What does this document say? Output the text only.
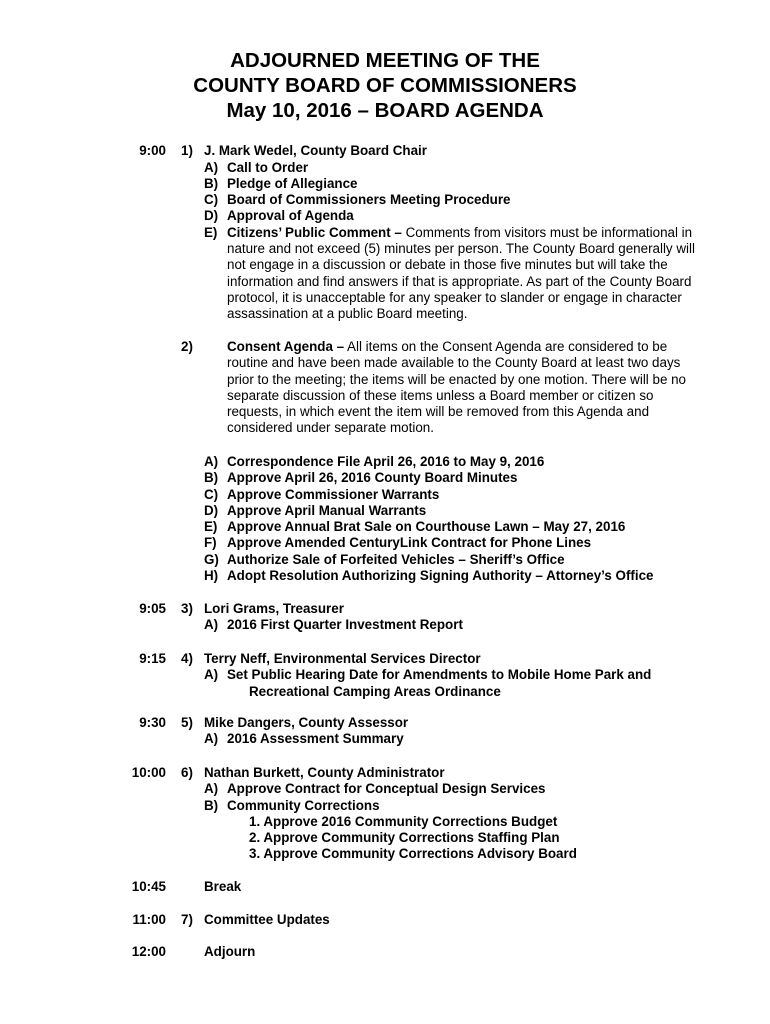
ADJOURNED MEETING OF THE
COUNTY BOARD OF COMMISSIONERS
May 10, 2016 – BOARD AGENDA
9:00 1) J. Mark Wedel, County Board Chair
A) Call to Order
B) Pledge of Allegiance
C) Board of Commissioners Meeting Procedure
D) Approval of Agenda
E) Citizens’ Public Comment – Comments from visitors must be informational in
nature and not exceed (5) minutes per person. The County Board generally will
not engage in a discussion or debate in those five minutes but will take the
information and find answers if that is appropriate. As part of the County Board
protocol, it is unacceptable for any speaker to slander or engage in character
assassination at a public Board meeting.
2)	Consent Agenda – All items on the Consent Agenda are considered to be
routine and have been made available to the County Board at least two days
prior to the meeting; the items will be enacted by one motion. There will be no
separate discussion of these items unless a Board member or citizen so
requests, in which event the item will be removed from this Agenda and
considered under separate motion.
A) Correspondence File April 26, 2016 to May 9, 2016
B) Approve April 26, 2016 County Board Minutes
C) Approve Commissioner Warrants
D) Approve April Manual Warrants
E) Approve Annual Brat Sale on Courthouse Lawn – May 27, 2016
F) Approve Amended CenturyLink Contract for Phone Lines
G) Authorize Sale of Forfeited Vehicles – Sheriff’s Office
H) Adopt Resolution Authorizing Signing Authority – Attorney’s Office
9:05 3) Lori Grams, Treasurer
A) 2016 First Quarter Investment Report
9:15 4) Terry Neff, Environmental Services Director
A) Set Public Hearing Date for Amendments to Mobile Home Park and
Recreational Camping Areas Ordinance
9:30 5) Mike Dangers, County Assessor
A) 2016 Assessment Summary
10:00 6) Nathan Burkett, County Administrator
A) Approve Contract for Conceptual Design Services
B) Community Corrections
1. Approve 2016 Community Corrections Budget
2. Approve Community Corrections Staffing Plan
3. Approve Community Corrections Advisory Board
10:45	Break
11:00 7) Committee Updates
12:00	Adjourn
